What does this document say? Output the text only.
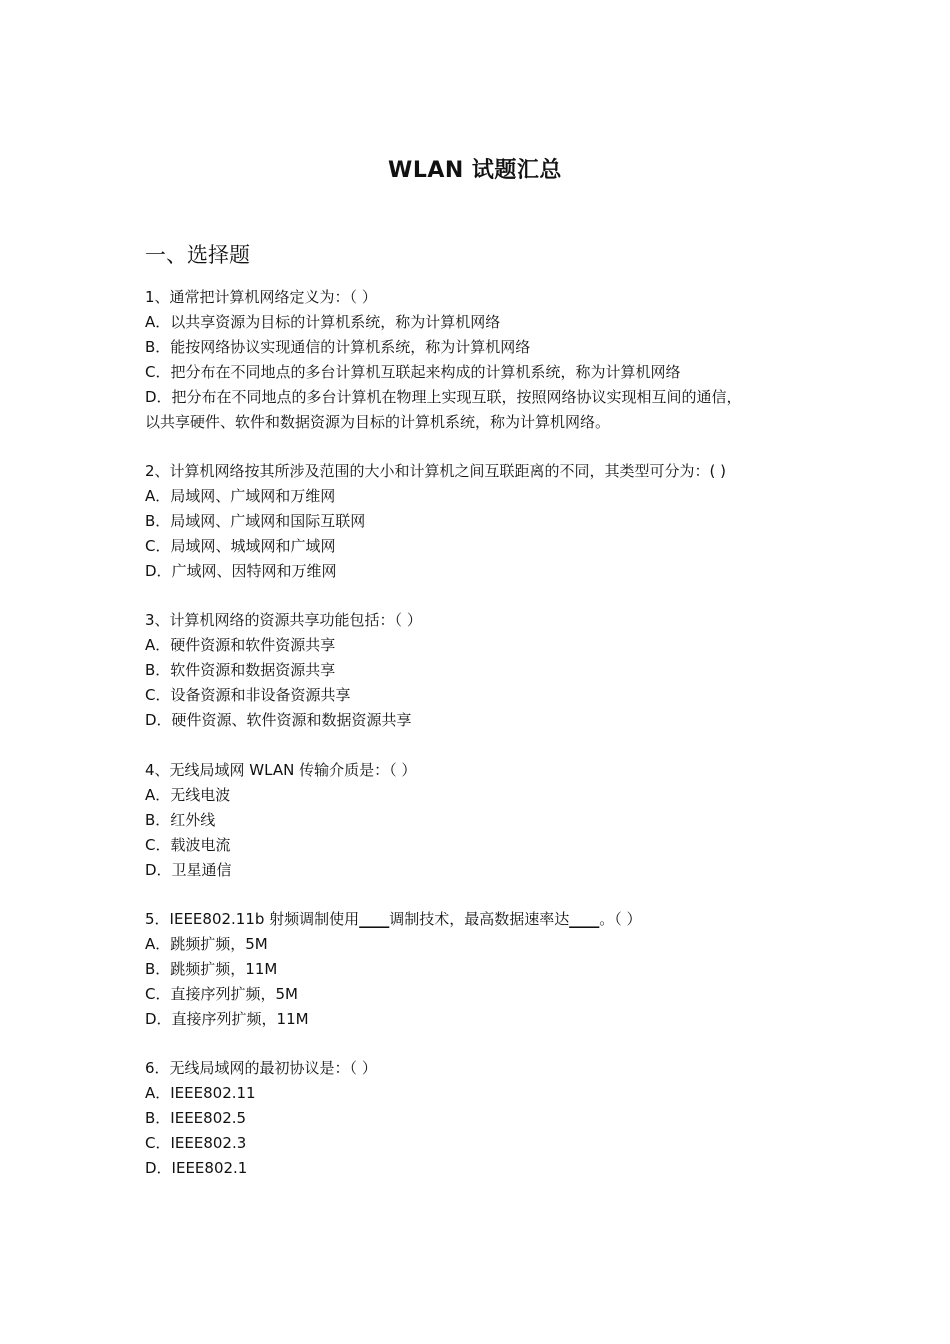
WLAN 试题汇总
一、选择题
1、通常把计算机网络定义为：（ ）
A．以共享资源为目标的计算机系统，称为计算机网络
B．能按网络协议实现通信的计算机系统，称为计算机网络
C．把分布在不同地点的多台计算机互联起来构成的计算机系统，称为计算机网络
D．把分布在不同地点的多台计算机在物理上实现互联，按照网络协议实现相互间的通信，
以共享硬件、软件和数据资源为目标的计算机系统，称为计算机网络。
2、计算机网络按其所涉及范围的大小和计算机之间互联距离的不同，其类型可分为：( )
A．局域网、广域网和万维网
B．局域网、广域网和国际互联网
C．局域网、城域网和广域网
D．广域网、因特网和万维网
3、计算机网络的资源共享功能包括：（ ）
A．硬件资源和软件资源共享
B．软件资源和数据资源共享
C．设备资源和非设备资源共享
D．硬件资源、软件资源和数据资源共享
4、无线局域网 WLAN 传输介质是：（ ）
A．无线电波
B．红外线
C．载波电流
D．卫星通信
5．IEEE802.11b 射频调制使用____调制技术，最高数据速率达____。（ ）
A．跳频扩频，5M
B．跳频扩频，11M
C．直接序列扩频，5M
D．直接序列扩频，11M
6．无线局域网的最初协议是：（ ）
A．IEEE802.11
B．IEEE802.5
C．IEEE802.3
D．IEEE802.1
